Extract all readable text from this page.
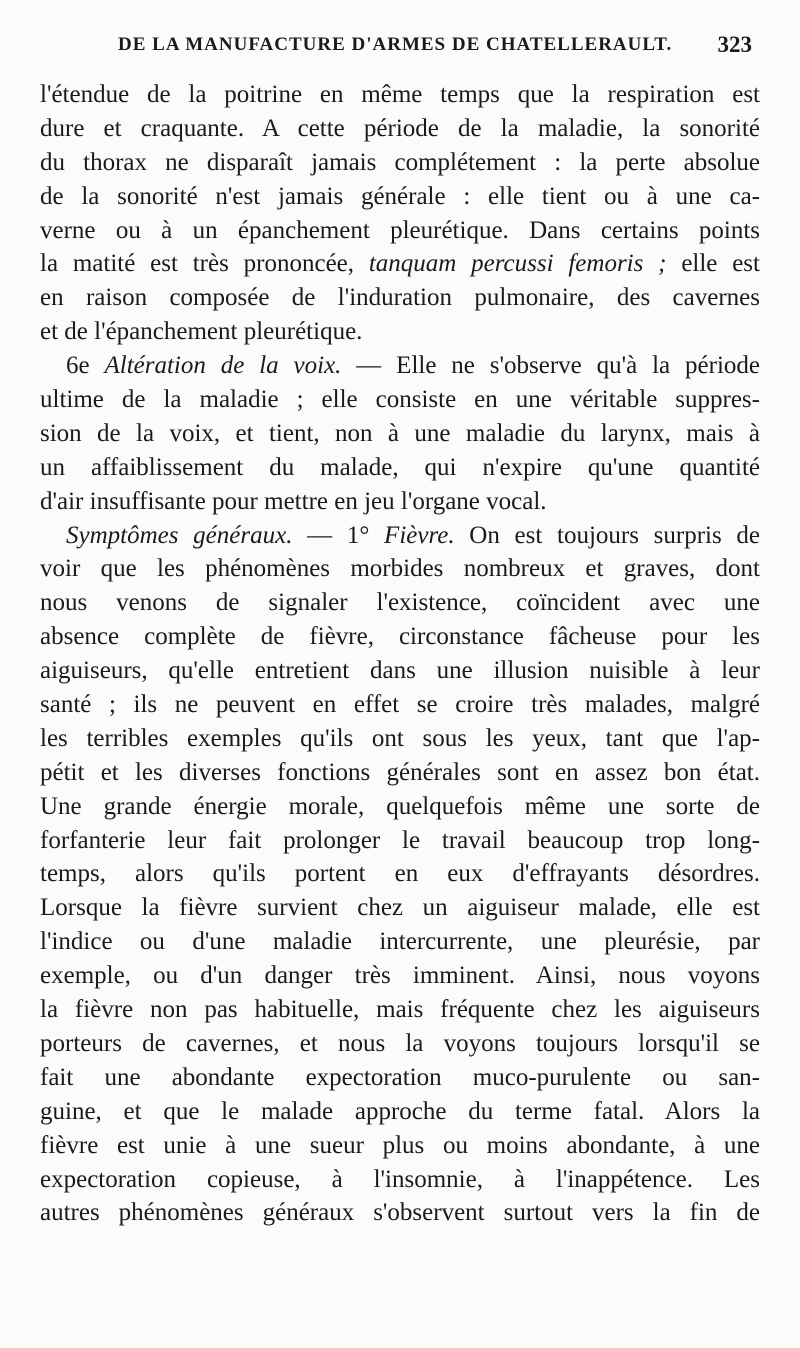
DE LA MANUFACTURE D'ARMES DE CHATELLERAULT. 323
l'étendue de la poitrine en même temps que la respiration est
dure et craquante. A cette période de la maladie, la sonorité
du thorax ne disparaît jamais complétement : la perte absolue
de la sonorité n'est jamais générale : elle tient ou à une ca-
verne ou à un épanchement pleurétique. Dans certains points
la matité est très prononcée, tanquam percussi femoris ; elle est
en raison composée de l'induration pulmonaire, des cavernes
et de l'épanchement pleurétique.
6e Altération de la voix. — Elle ne s'observe qu'à la période
ultime de la maladie ; elle consiste en une véritable suppres-
sion de la voix, et tient, non à une maladie du larynx, mais à
un affaiblissement du malade, qui n'expire qu'une quantité
d'air insuffisante pour mettre en jeu l'organe vocal.
Symptômes généraux. — 1° Fièvre. On est toujours surpris de
voir que les phénomènes morbides nombreux et graves, dont
nous venons de signaler l'existence, coïncident avec une
absence complète de fièvre, circonstance fâcheuse pour les
aiguiseurs, qu'elle entretient dans une illusion nuisible à leur
santé ; ils ne peuvent en effet se croire très malades, malgré
les terribles exemples qu'ils ont sous les yeux, tant que l'ap-
pétit et les diverses fonctions générales sont en assez bon état.
Une grande énergie morale, quelquefois même une sorte de
forfanterie leur fait prolonger le travail beaucoup trop long-
temps, alors qu'ils portent en eux d'effrayants désordres.
Lorsque la fièvre survient chez un aiguiseur malade, elle est
l'indice ou d'une maladie intercurrente, une pleurésie, par
exemple, ou d'un danger très imminent. Ainsi, nous voyons
la fièvre non pas habituelle, mais fréquente chez les aiguiseurs
porteurs de cavernes, et nous la voyons toujours lorsqu'il se
fait une abondante expectoration muco-purulente ou san-
guine, et que le malade approche du terme fatal. Alors la
fièvre est unie à une sueur plus ou moins abondante, à une
expectoration copieuse, à l'insomnie, à l'inappétence. Les
autres phénomènes généraux s'observent surtout vers la fin de
